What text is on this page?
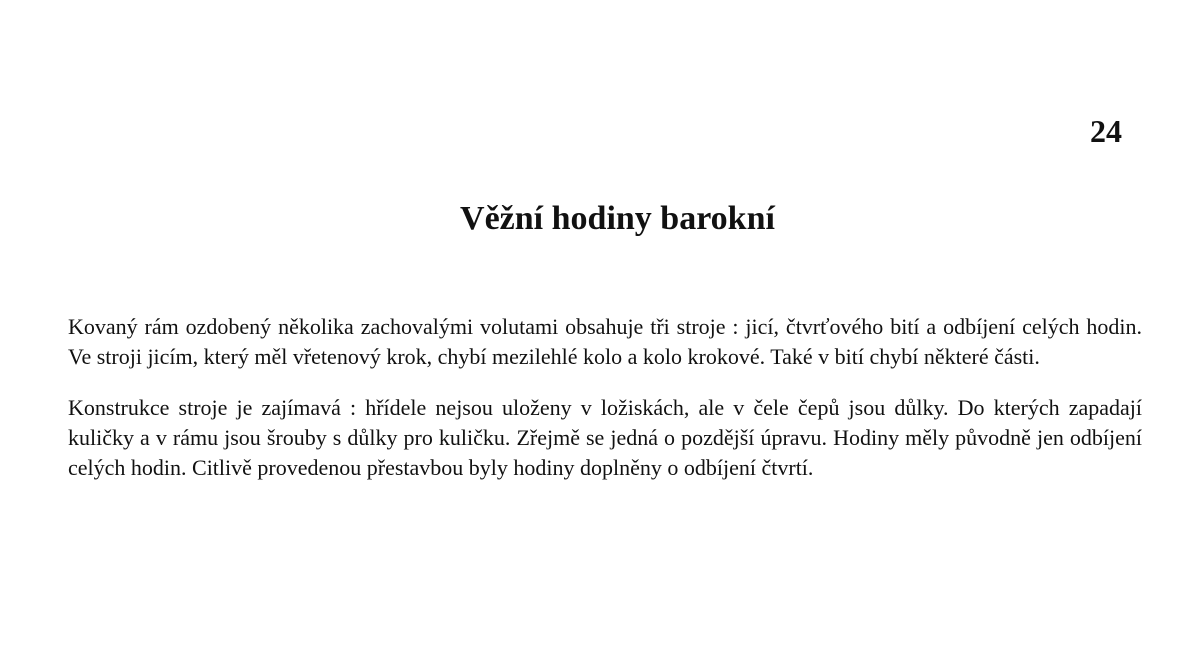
24

Věžní hodiny barokní

Kovaný rám ozdobený několika zachovalými volutami obsahuje tři stroje : jicí, čtvrťového bití a odbíjení celých hodin. Ve stroji jicím, který měl vřetenový krok, chybí mezilehlé kolo a kolo krokové. Také v bití chybí některé části.

Konstrukce stroje je zajímavá : hřídele nejsou uloženy v ložiskách, ale v čele čepů jsou důlky. Do kterých zapadají kuličky a v rámu jsou šrouby s důlky pro kuličku. Zřejmě se jedná o pozdější úpravu. Hodiny měly původně jen odbíjení celých hodin. Citlivě provedenou přestavbou byly hodiny doplněny o odbíjení čtvrtí.
